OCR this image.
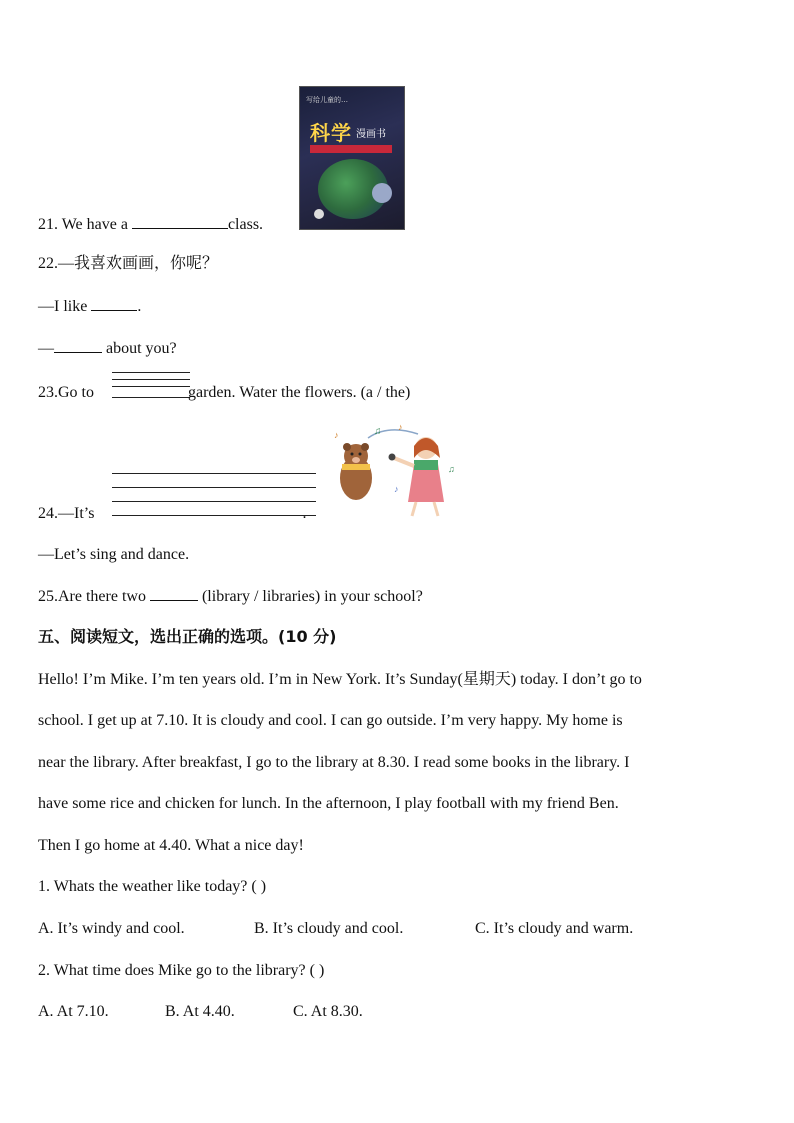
写给儿童的…
科学 漫画书
21. We have a	class.
22.—我喜欢画画，你呢？
—I like	.
—	about you?
23.Go to	garden. Water the flowers. (a / the)
♫ ♪
♪
♫
♪
24.—It’s	.
—Let’s sing and dance.
25.Are there two	(library / libraries) in your school?
五、阅读短文，选出正确的选项。(10 分)
Hello! I’m Mike. I’m ten years old. I’m in New York. It’s Sunday(星期天) today. I don’t go to
school. I get up at 7.10. It is cloudy and cool. I can go outside. I’m very happy. My home is
near the library. After breakfast, I go to the library at 8.30. I read some books in the library. I
have some rice and chicken for lunch. In the afternoon, I play football with my friend Ben.
Then I go home at 4.40. What a nice day!
1. Whats the weather like today? ( )
A. It’s windy and cool.	B. It’s cloudy and cool.	C. It’s cloudy and warm.
2. What time does Mike go to the library? ( )
A. At 7.10.	B. At 4.40.	C. At 8.30.
